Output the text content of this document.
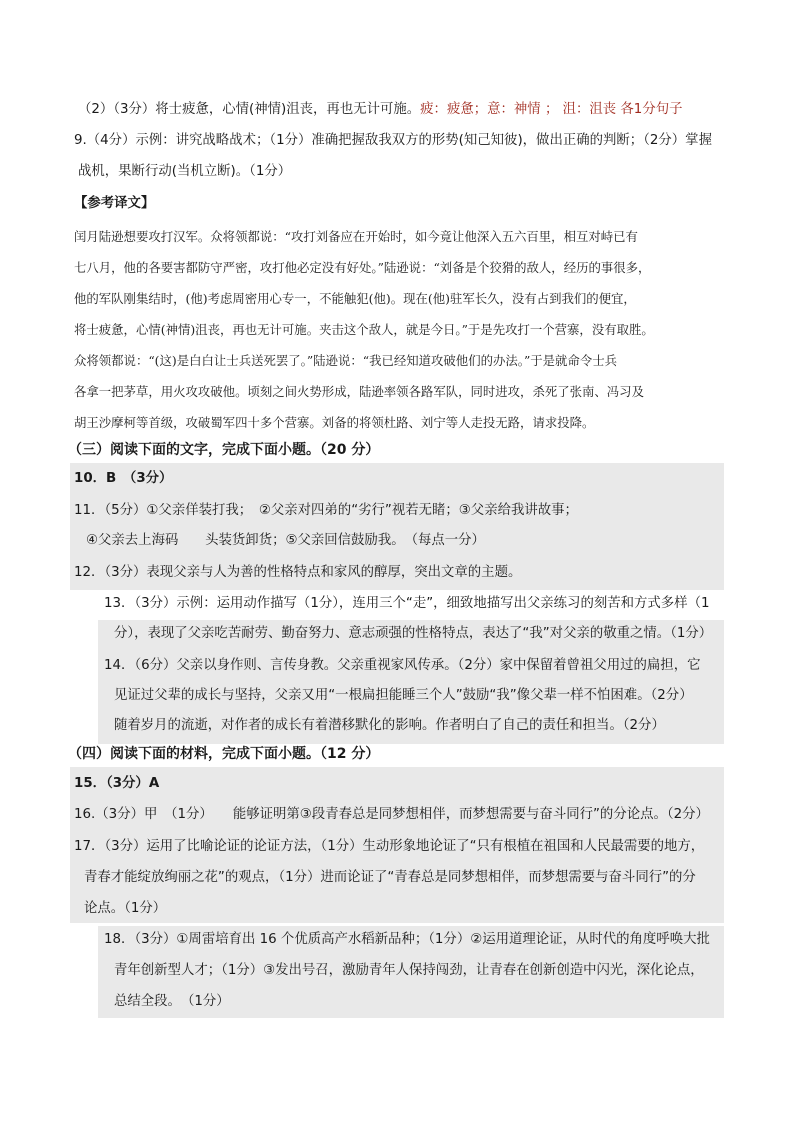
（2）（3分）将士疲惫，心情(神情)沮丧，再也无计可施。疲：疲惫；意：神情 ； 沮：沮丧 各1分句子
9.（4分）示例：讲究战略战术；（1分）准确把握敌我双方的形势(知己知彼)，做出正确的判断；（2分）掌握
战机，果断行动(当机立断)。（1分）
【参考译文】
闰月陆逊想要攻打汉军。众将领都说：“攻打刘备应在开始时，如今竟让他深入五六百里，相互对峙已有
七八月，他的各要害都防守严密，攻打他必定没有好处。”陆逊说：“刘备是个狡猾的敌人，经历的事很多，
他的军队刚集结时，(他)考虑周密用心专一，不能触犯(他)。现在(他)驻军长久，没有占到我们的便宜，
将士疲惫，心情(神情)沮丧，再也无计可施。夹击这个敌人，就是今日。”于是先攻打一个营寨，没有取胜。
众将领都说：“(这)是白白让士兵送死罢了。”陆逊说：“我已经知道攻破他们的办法。”于是就命令士兵
各拿一把茅草，用火攻攻破他。顷刻之间火势形成，陆逊率领各路军队，同时进攻，杀死了张南、冯习及
胡王沙摩柯等首级，攻破蜀军四十多个营寨。刘备的将领杜路、刘宁等人走投无路，请求投降。
（三）阅读下面的文字，完成下面小题。（20 分）
10．B　（3分）
11．（5分）①父亲佯装打我；　②父亲对四弟的“劣行”视若无睹；③父亲给我讲故事；
④父亲去上海码　　头装货卸货；⑤父亲回信鼓励我。　（每点一分）
12．（3分）表现父亲与人为善的性格特点和家风的醇厚，突出文章的主题。
13．（3分）示例：运用动作描写（1分），连用三个“走”，细致地描写出父亲练习的刻苦和方式多样（1
分），表现了父亲吃苦耐劳、勤奋努力、意志顽强的性格特点，表达了“我”对父亲的敬重之情。（1分）
14．（6分）父亲以身作则、言传身教。父亲重视家风传承。（2分）家中保留着曾祖父用过的扁担，它
见证过父辈的成长与坚持，父亲又用“一根扁担能睡三个人”鼓励“我”像父辈一样不怕困难。（2分）
随着岁月的流逝，对作者的成长有着潜移默化的影响。作者明白了自己的责任和担当。（2分）
（四）阅读下面的材料，完成下面小题。（12 分）
15．（3分）A
16.（3分）甲　（1分）　　能够证明第③段青春总是同梦想相伴，而梦想需要与奋斗同行”的分论点。（2分）
17．（3分）运用了比喻论证的论证方法，（1分）生动形象地论证了“只有根植在祖国和人民最需要的地方，
青春才能绽放绚丽之花”的观点，（1分）进而论证了“青春总是同梦想相伴，而梦想需要与奋斗同行”的分
论点。（1分）
18．（3分）①周雷培育出 16 个优质高产水稻新品种；（1分）②运用道理论证，从时代的角度呼唤大批
青年创新型人才；（1分）③发出号召，激励青年人保持闯劲，让青春在创新创造中闪光，深化论点，
总结全段。　（1分）
